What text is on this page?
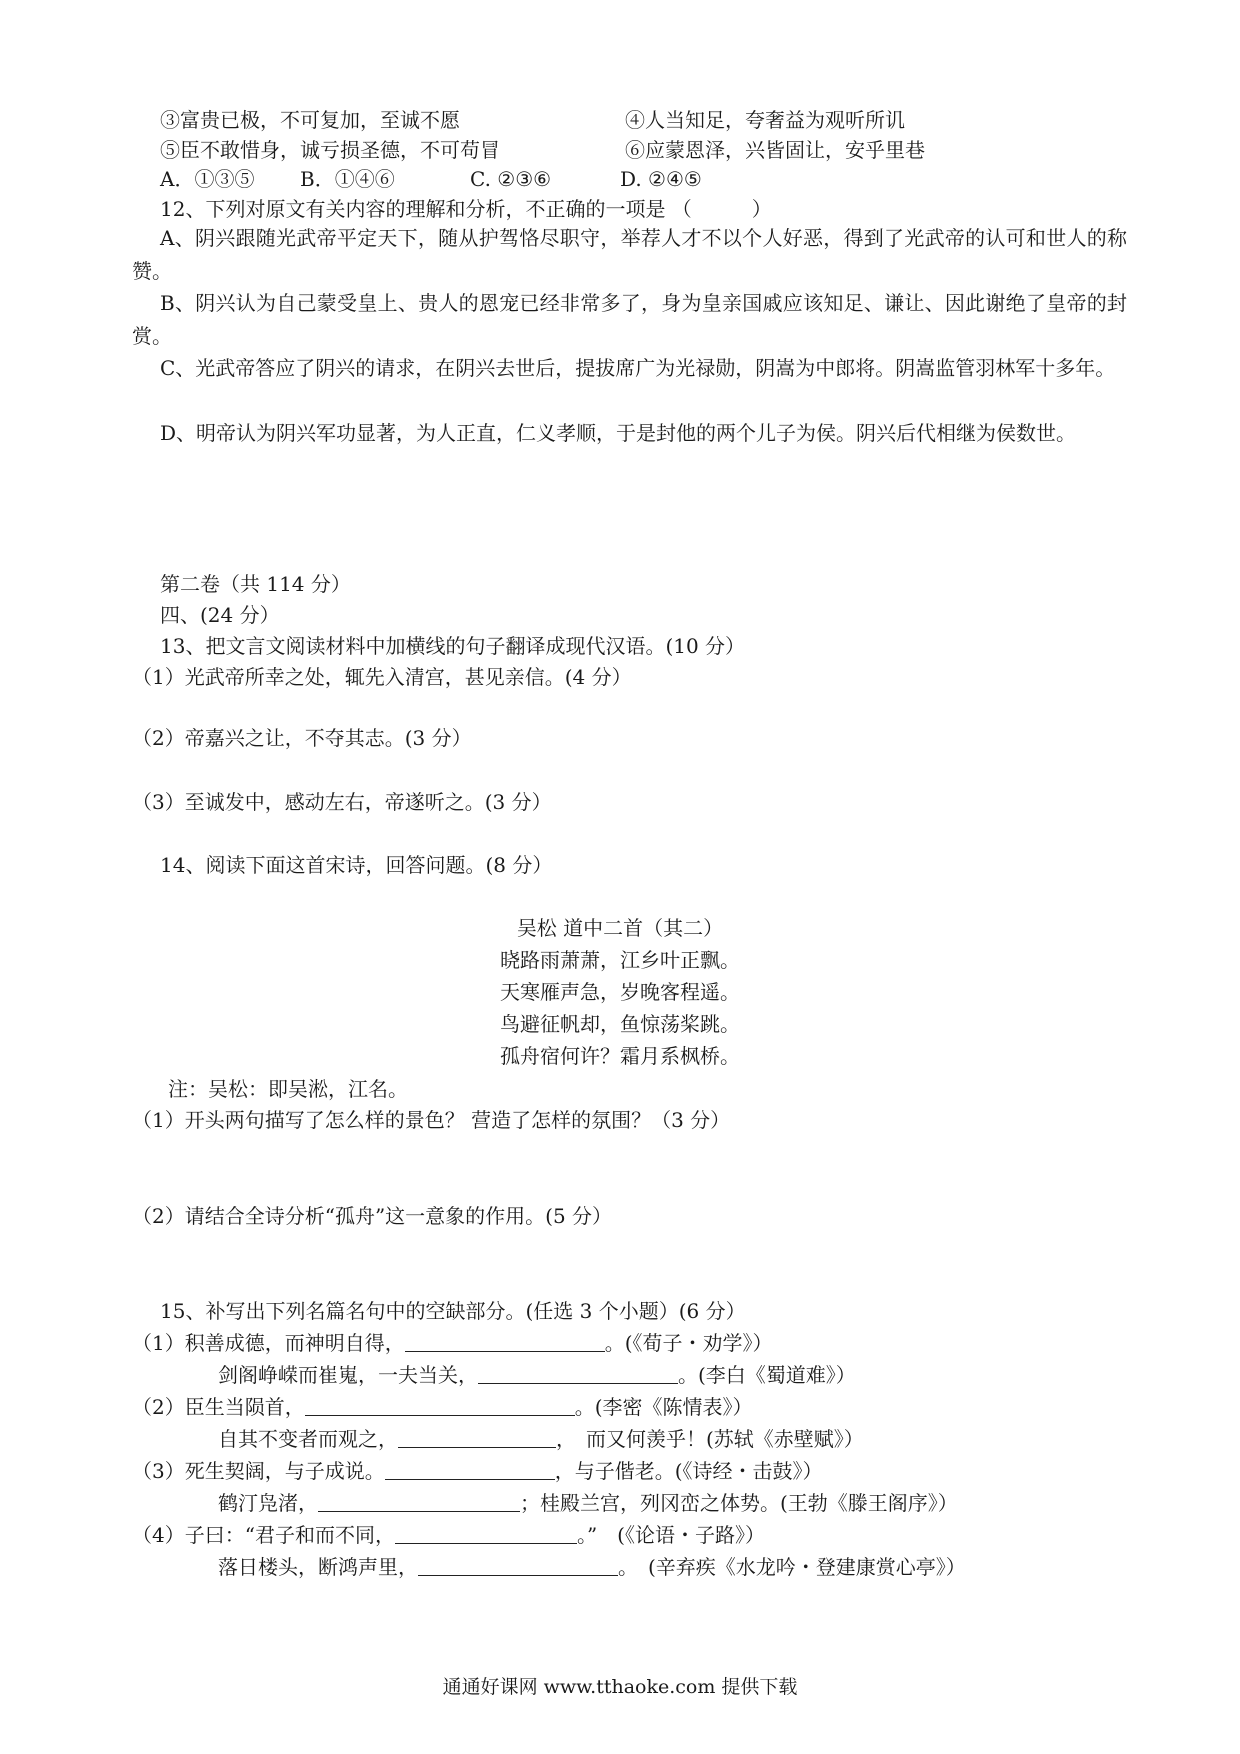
③富贵已极，不可复加，至诚不愿	④人当知足，夸奢益为观听所讥
⑤臣不敢惜身，诚亏损圣德，不可苟冒	⑥应蒙恩泽，兴皆固让，安乎里巷
A．①③⑤ B．①④⑥	C. ②③⑥	D. ②④⑤
12、下列对原文有关内容的理解和分析，不正确的一项是 （　　　）
A、阴兴跟随光武帝平定天下，随从护驾恪尽职守，举荐人才不以个人好恶，得到了光武帝的认可和世人的称赞。
B、阴兴认为自己蒙受皇上、贵人的恩宠已经非常多了，身为皇亲国戚应该知足、谦让、因此谢绝了皇帝的封赏。
C、光武帝答应了阴兴的请求，在阴兴去世后，提拔席广为光禄勋，阴嵩为中郎将。阴嵩监管羽林军十多年。
D、明帝认为阴兴军功显著，为人正直，仁义孝顺，于是封他的两个儿子为侯。阴兴后代相继为侯数世。
第二卷（共 114 分）
四、(24 分）
13、把文言文阅读材料中加横线的句子翻译成现代汉语。(10 分）
（1）光武帝所幸之处，辄先入清宫，甚见亲信。(4 分）
（2）帝嘉兴之让，不夺其志。(3 分）
（3）至诚发中，感动左右，帝遂听之。(3 分）
14、阅读下面这首宋诗，回答问题。(8 分）
吴松 道中二首（其二）
晓路雨萧萧，江乡叶正飘。
天寒雁声急，岁晚客程遥。
鸟避征帆却，鱼惊荡桨跳。
孤舟宿何许？霜月系枫桥。
注：吴松：即吴淞，江名。
（1）开头两句描写了怎么样的景色？ 营造了怎样的氛围？（3 分）
（2）请结合全诗分析“孤舟”这一意象的作用。(5 分）
15、补写出下列名篇名句中的空缺部分。(任选 3 个小题）(6 分）
（1）积善成德，而神明自得，	。(《荀子・劝学》）
剑阁峥嵘而崔嵬，一夫当关，	。(李白《蜀道难》）
（2）臣生当陨首，	。(李密《陈情表》）
自其不变者而观之，	，　而又何羡乎！(苏轼《赤壁赋》）
（3）死生契阔，与子成说。	，与子偕老。(《诗经・击鼓》）
鹤汀凫渚，	；桂殿兰宫，列冈峦之体势。(王勃《滕王阁序》）
（4）子曰：“君子和而不同，	。”　(《论语・子路》）
落日楼头，断鸿声里，	。　(辛弃疾《水龙吟・登建康赏心亭》）
通通好课网 www.tthaoke.com 提供下载
